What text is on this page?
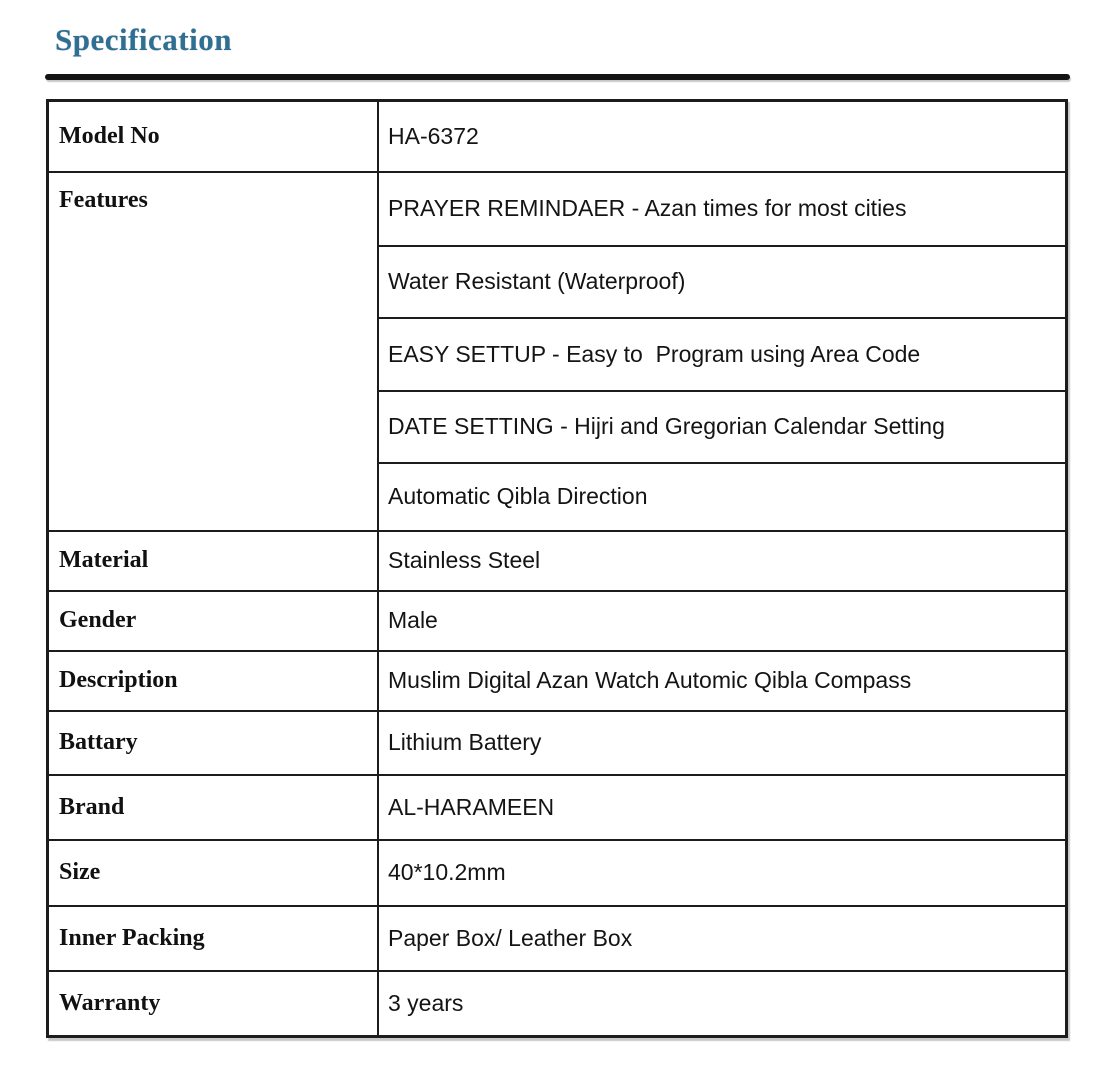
Specification
Model No	HA-6372
Features	PRAYER REMINDAER - Azan times for most cities
	Water Resistant (Waterproof)
	EASY SETTUP - Easy to  Program using Area Code
	DATE SETTING - Hijri and Gregorian Calendar Setting
	Automatic Qibla Direction
Material	Stainless Steel
Gender	Male
Description	Muslim Digital Azan Watch Automic Qibla Compass
Battary	Lithium Battery
Brand	AL-HARAMEEN
Size	40*10.2mm
Inner Packing	Paper Box/ Leather Box
Warranty	3 years
